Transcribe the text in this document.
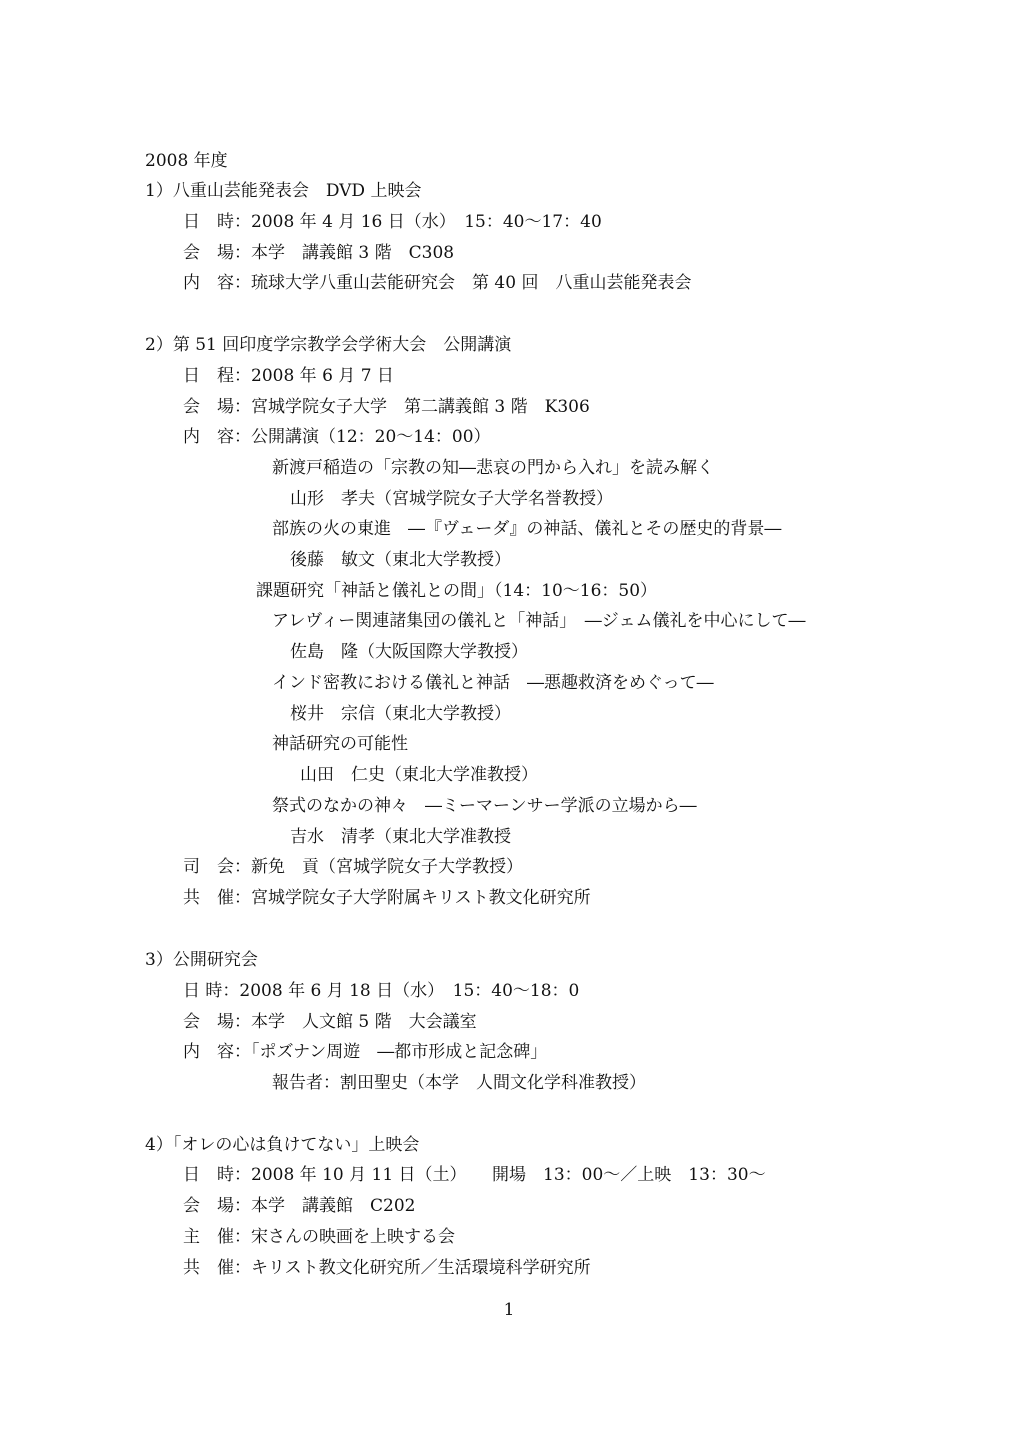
2008 年度
1）八重山芸能発表会　DVD 上映会
日　時：2008 年 4 月 16 日（水）　15：40〜17：40
会　場：本学　講義館 3 階　C308
内　容：琉球大学八重山芸能研究会　第 40 回　八重山芸能発表会
2）第 51 回印度学宗教学会学術大会　公開講演
日　程：2008 年 6 月 7 日
会　場：宮城学院女子大学　第二講義館 3 階　K306
内　容：公開講演（12：20〜14：00）
新渡戸稲造の「宗教の知―悲哀の門から入れ」を読み解く
山形　孝夫（宮城学院女子大学名誉教授）
部族の火の東進　―『ヴェーダ』の神話、儀礼とその歴史的背景―
後藤　敏文（東北大学教授）
課題研究「神話と儀礼との間」（14：10〜16：50）
アレヴィー関連諸集団の儀礼と「神話」　―ジェム儀礼を中心にして―
佐島　隆（大阪国際大学教授）
インド密教における儀礼と神話　―悪趣救済をめぐって―
桜井　宗信（東北大学教授）
神話研究の可能性
山田　仁史（東北大学准教授）
祭式のなかの神々　―ミーマーンサー学派の立場から―
吉水　清孝（東北大学准教授
司　会：新免　貢（宮城学院女子大学教授）
共　催：宮城学院女子大学附属キリスト教文化研究所
3）公開研究会
日 時：2008 年 6 月 18 日（水）　15：40〜18：0
会　場：本学　人文館 5 階　大会議室
内　容：「ポズナン周遊　―都市形成と記念碑」
報告者：割田聖史（本学　人間文化学科准教授）
4）「オレの心は負けてない」上映会
日　時：2008 年 10 月 11 日（土）　　開場　13：00〜／上映　13：30〜
会　場：本学　講義館　C202
主　催：宋さんの映画を上映する会
共　催：キリスト教文化研究所／生活環境科学研究所
1
